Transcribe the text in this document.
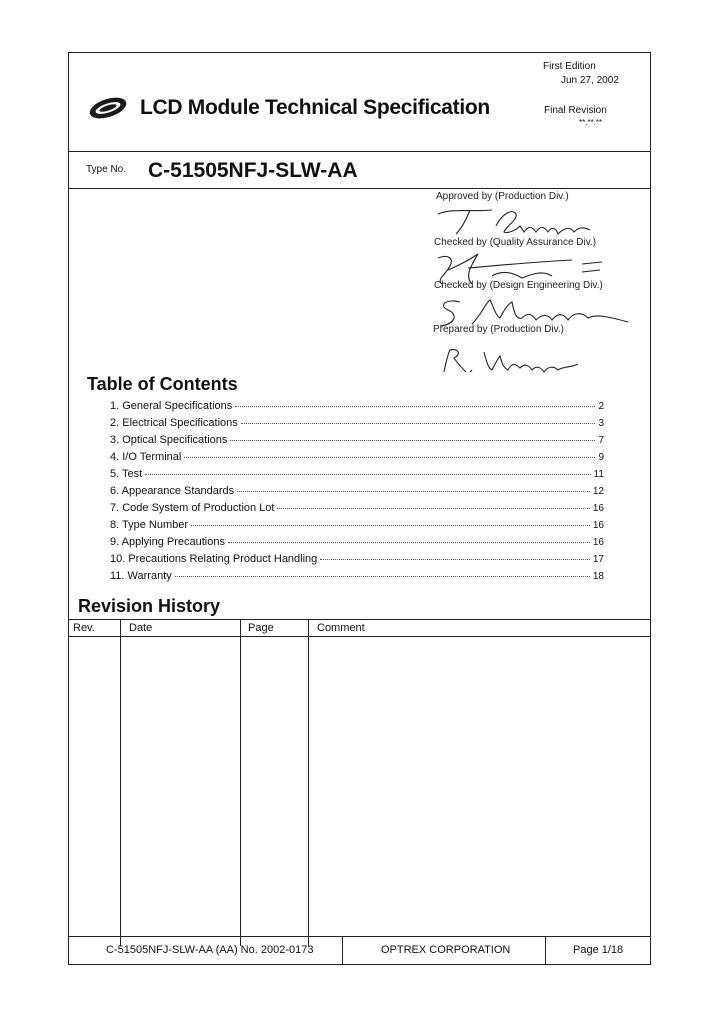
LCD Module Technical Specification
First Edition
Jun 27, 2002
Final Revision
**.**.**
Type No. C-51505NFJ-SLW-AA
Approved by (Production Div.)
Checked by (Quality Assurance Div.)
Checked by (Design Engineering Div.)
Prepared by (Production Div.)
Table of Contents
1. General Specifications	2
2. Electrical Specifications	3
3. Optical Specifications	7
4. I/O Terminal	9
5. Test	11
6. Appearance Standards	12
7. Code System of Production Lot	16
8. Type Number	16
9. Applying Precautions	16
10. Precautions Relating Product Handling	17
11. Warranty	18
Revision History
Rev.	Date	Page	Comment
C-51505NFJ-SLW-AA (AA) No. 2002-0173	OPTREX CORPORATION	Page 1/18
